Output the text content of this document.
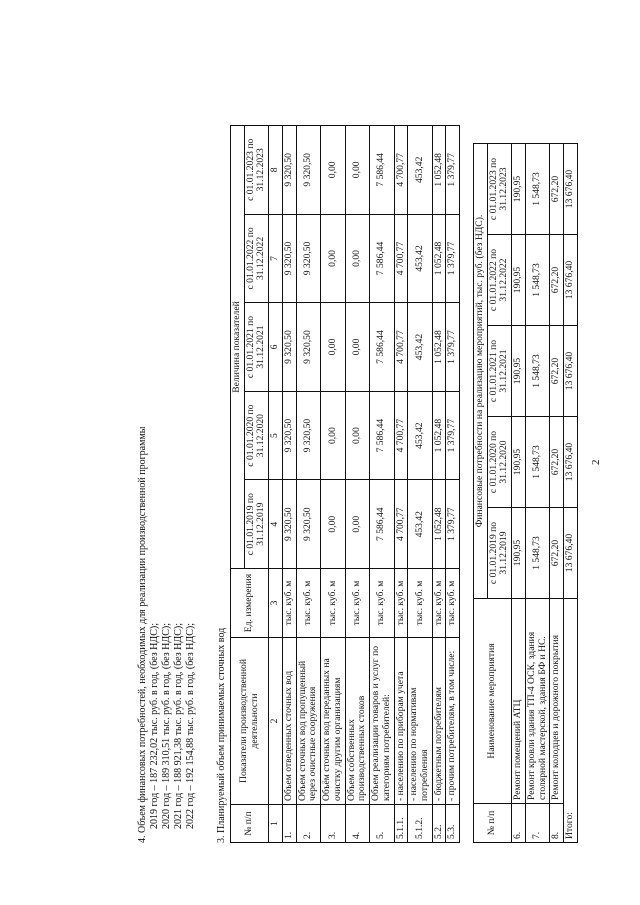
2
№ п/п	Наименование мероприятия	Финансовые потребности на реализацию мероприятий, тыс. руб. (без НДС).				
		с 01.01.2019 по 31.12.2019	с 01.01.2020 по 31.12.2020	с 01.01.2021 по 31.12.2021	с 01.01.2022 по 31.12.2022	с 01.01.2023 по 31.12.2023
6.	Ремонт помещений АТЦ	190,95	190,95	190,95	190,95	190,95
7.	Ремонт кровли здания ТП-4 ОСК, здания столярной мастерской, здания БФ и НС.	1 548,73	1 548,73	1 548,73	1 548,73	1 548,73
8.	Ремонт колодцев и дорожного покрытия	672,20	672,20	672,20	672,20	672,20
Итого:		13 676,40	13 676,40	13 676,40	13 676,40	13 676,40
3. Планируемый объем принимаемых сточных вод № п/п	Показатели производственной деятельности	Ед. измерения	Величина показателей				
			с 01.01.2019 по 31.12.2019	с 01.01.2020 по 31.12.2020	с 01.01.2021 по 31.12.2021	с 01.01.2022 по 31.12.2022	с 01.01.2023 по 31.12.2023
1	2	3	4	5	6	7	8
1.	Объем отведенных сточных вод	тыс. куб. м	9 320,50	9 320,50	9 320,50	9 320,50	9 320,50
2.	Объем сточных вод пропущенный через очистные сооружения	тыс. куб. м	9 320,50	9 320,50	9 320,50	9 320,50	9 320,50
3.	Объём сточных вод переданных на очистку другим организациям	тыс. куб. м	0,00	0,00	0,00	0,00	0,00
4.	Объем собственных производственных стоков	тыс. куб. м	0,00	0,00	0,00	0,00	0,00
5.	Объем реализации товаров и услуг по категориям потребителей:	тыс. куб. м	7 586,44	7 586,44	7 586,44	7 586,44	7 586,44
5.1.1.	- населению по приборам учета	тыс. куб. м	4 700,77	4 700,77	4 700,77	4 700,77	4 700,77
5.1.2.	- населению по нормативам потребления	тыс. куб. м	453,42	453,42	453,42	453,42	453,42
5.2.	- бюджетным потребителям	тыс. куб. м	1 052,48	1 052,48	1 052,48	1 052,48	1 052,48
5.3.	- прочим потребителям, в том числе:	тыс. куб. м	1 379,77	1 379,77	1 379,77	1 379,77	1 379,77
4. Объем финансовых потребностей, необходимых для реализации производственной программы 2019 год – 187 232,02 тыс. руб. в год, (без НДС); 2020 год – 189 310,51 тыс. руб. в год, (без НДС); 2021 год – 188 921,38 тыс. руб. в год, (без НДС); 2022 год – 192 154,88 тыс. руб. в год, (без НДС);
